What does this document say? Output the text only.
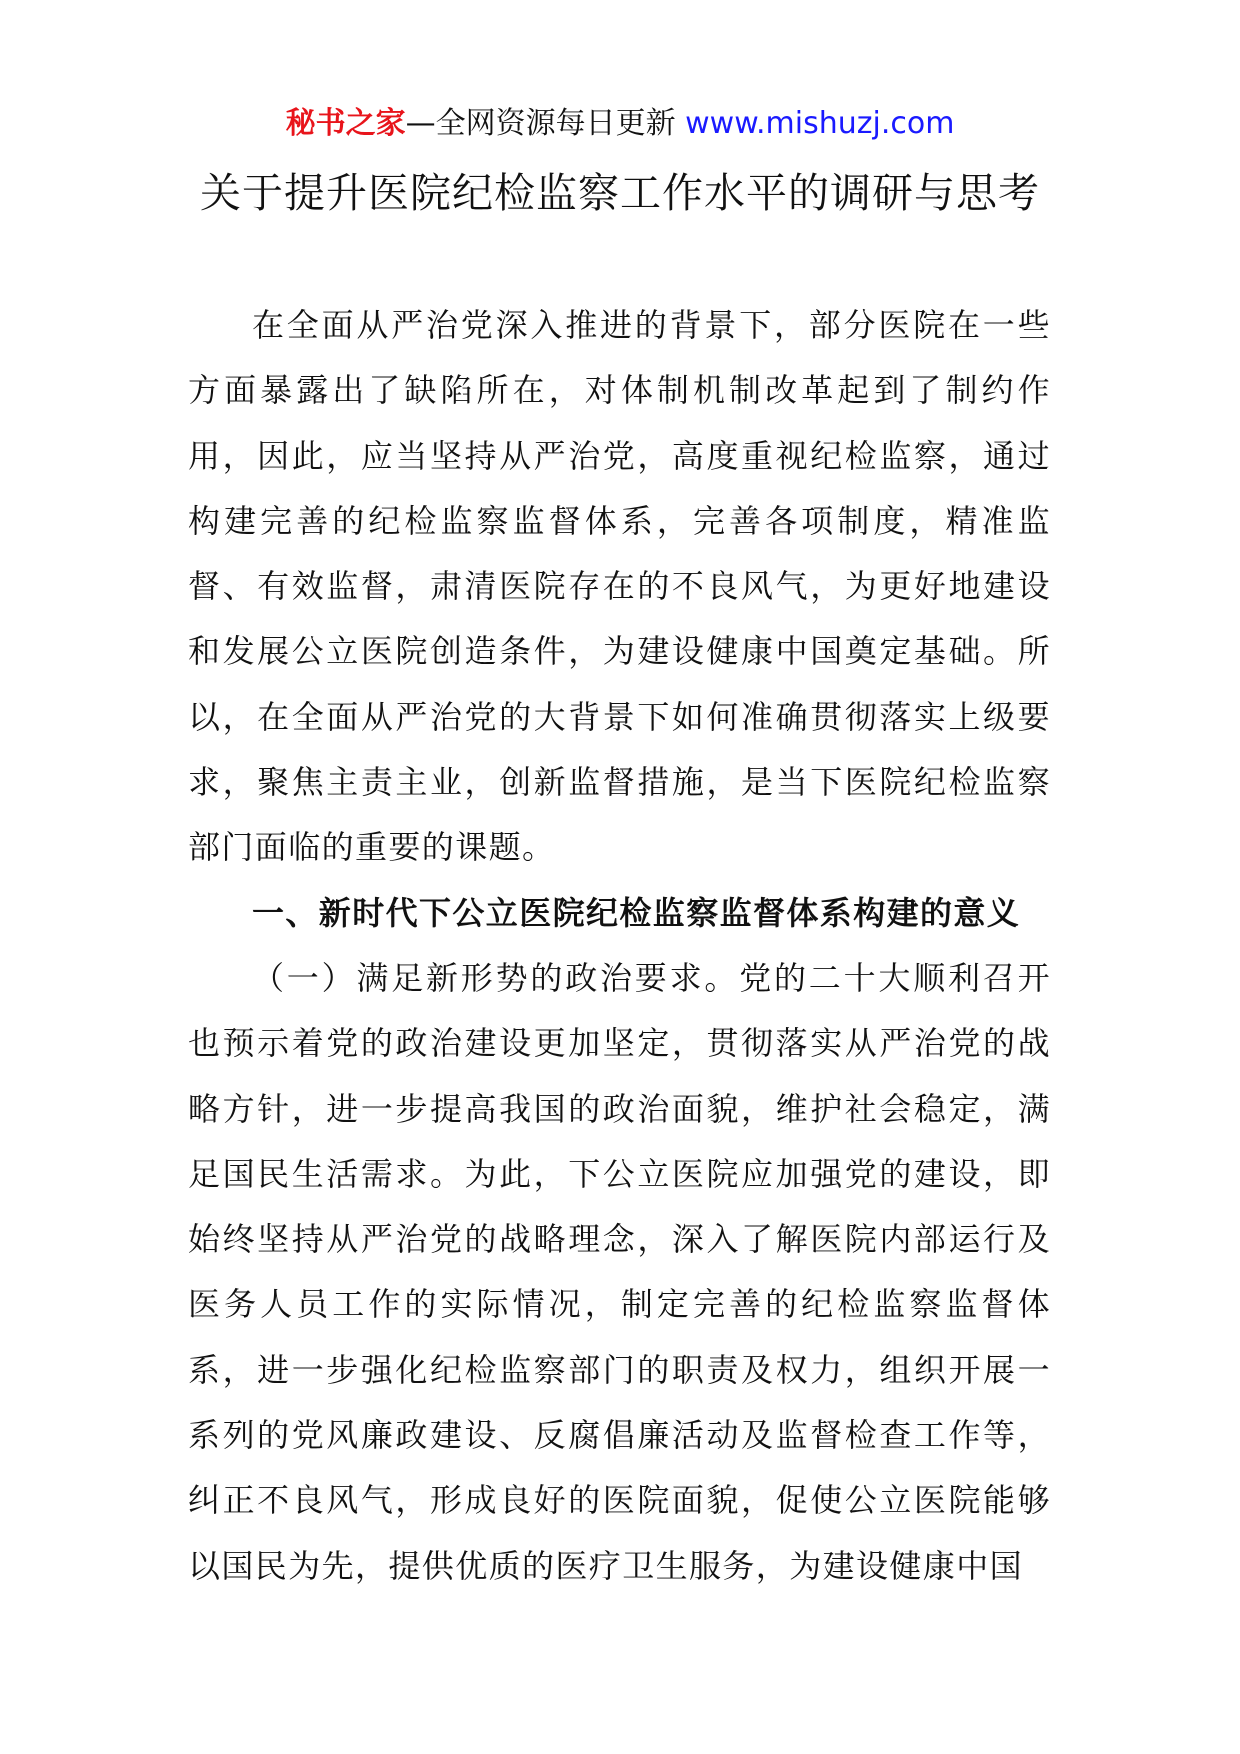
秘书之家—全网资源每日更新 www.mishuzj.com
关于提升医院纪检监察工作水平的调研与思考

在全面从严治党深入推进的背景下，部分医院在一些方面暴露出了缺陷所在，对体制机制改革起到了制约作用，因此，应当坚持从严治党，高度重视纪检监察，通过构建完善的纪检监察监督体系，完善各项制度，精准监督、有效监督，肃清医院存在的不良风气，为更好地建设和发展公立医院创造条件，为建设健康中国奠定基础。所以，在全面从严治党的大背景下如何准确贯彻落实上级要求，聚焦主责主业，创新监督措施，是当下医院纪检监察部门面临的重要的课题。

一、新时代下公立医院纪检监察监督体系构建的意义

（一）满足新形势的政治要求。党的二十大顺利召开也预示着党的政治建设更加坚定，贯彻落实从严治党的战略方针，进一步提高我国的政治面貌，维护社会稳定，满足国民生活需求。为此，下公立医院应加强党的建设，即始终坚持从严治党的战略理念，深入了解医院内部运行及医务人员工作的实际情况，制定完善的纪检监察监督体系，进一步强化纪检监察部门的职责及权力，组织开展一系列的党风廉政建设、反腐倡廉活动及监督检查工作等，纠正不良风气，形成良好的医院面貌，促使公立医院能够以国民为先，提供优质的医疗卫生服务，为建设健康中国
